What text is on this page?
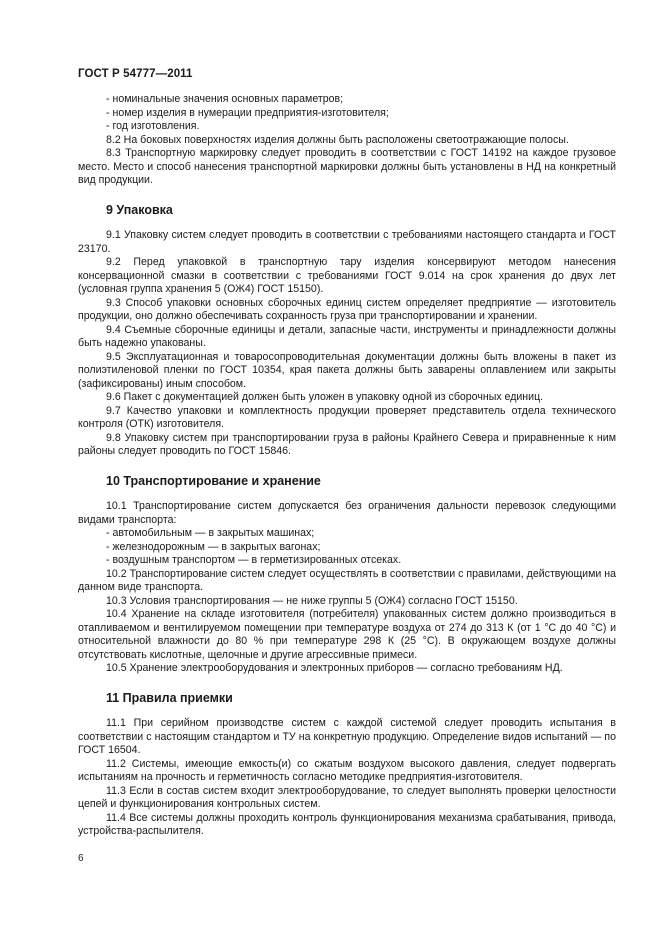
ГОСТ Р 54777—2011

- номинальные значения основных параметров;

- номер изделия в нумерации предприятия-изготовителя;

- год изготовления.

8.2 На боковых поверхностях изделия должны быть расположены светоотражающие полосы.

8.3 Транспортную маркировку следует проводить в соответствии с ГОСТ 14192 на каждое грузовое место. Место и способ нанесения транспортной маркировки должны быть установлены в НД на конкретный вид продукции.

9 Упаковка

9.1 Упаковку систем следует проводить в соответствии с требованиями настоящего стандарта и ГОСТ 23170.

9.2 Перед упаковкой в транспортную тару изделия консервируют методом нанесения консервационной смазки в соответствии с требованиями ГОСТ 9.014 на срок хранения до двух лет (условная группа хранения 5 (ОЖ4) ГОСТ 15150).

9.3 Способ упаковки основных сборочных единиц систем определяет предприятие — изготовитель продукции, оно должно обеспечивать сохранность груза при транспортировании и хранении.

9.4 Съемные сборочные единицы и детали, запасные части, инструменты и принадлежности должны быть надежно упакованы.

9.5 Эксплуатационная и товаросопроводительная документации должны быть вложены в пакет из полиэтиленовой пленки по ГОСТ 10354, края пакета должны быть заварены оплавлением или закрыты (зафиксированы) иным способом.

9.6 Пакет с документацией должен быть уложен в упаковку одной из сборочных единиц.

9.7 Качество упаковки и комплектность продукции проверяет представитель отдела технического контроля (ОТК) изготовителя.

9.8 Упаковку систем при транспортировании груза в районы Крайнего Севера и приравненные к ним районы следует проводить по ГОСТ 15846.

10 Транспортирование и хранение

10.1 Транспортирование систем допускается без ограничения дальности перевозок следующими видами транспорта:

- автомобильным — в закрытых машинах;

- железнодорожным — в закрытых вагонах;

- воздушным транспортом — в герметизированных отсеках.

10.2 Транспортирование систем следует осуществлять в соответствии с правилами, действующими на данном виде транспорта.

10.3 Условия транспортирования — не ниже группы 5 (ОЖ4) согласно ГОСТ 15150.

10.4 Хранение на складе изготовителя (потребителя) упакованных систем должно производиться в отапливаемом и вентилируемом помещении при температуре воздуха от 274 до 313 К (от 1 °С до 40 °С) и относительной влажности до 80 % при температуре 298 К (25 °С). В окружающем воздухе должны отсутствовать кислотные, щелочные и другие агрессивные примеси.

10.5 Хранение электрооборудования и электронных приборов — согласно требованиям НД.

11 Правила приемки

11.1 При серийном производстве систем с каждой системой следует проводить испытания в соответствии с настоящим стандартом и ТУ на конкретную продукцию. Определение видов испытаний — по ГОСТ 16504.

11.2 Системы, имеющие емкость(и) со сжатым воздухом высокого давления, следует подвергать испытаниям на прочность и герметичность согласно методике предприятия-изготовителя.

11.3 Если в состав систем входит электрооборудование, то следует выполнять проверки целостности цепей и функционирования контрольных систем.

11.4 Все системы должны проходить контроль функционирования механизма срабатывания, привода, устройства-распылителя.

6
